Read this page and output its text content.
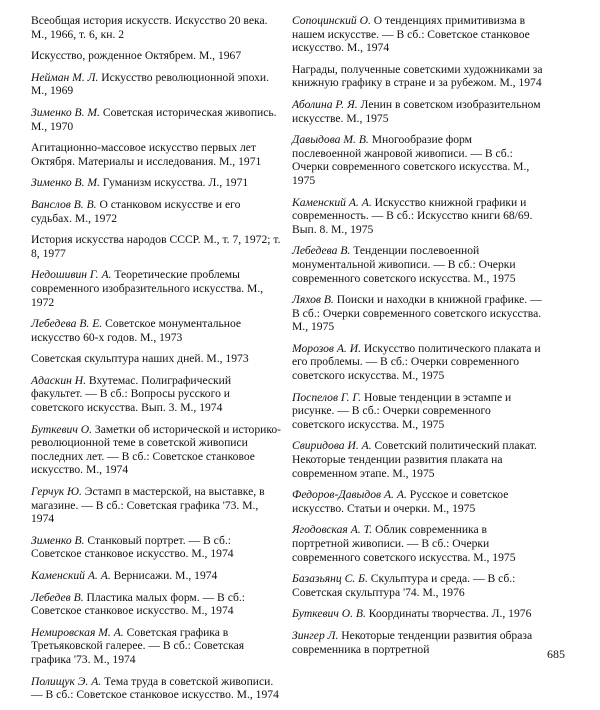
Всеобщая история искусств. Искусство 20 века. М., 1966, т. 6, кн. 2

Искусство, рожденное Октябрем. М., 1967

Нейман М. Л. Искусство революционной эпохи. М., 1969

Зименко В. М. Советская историческая живопись. М., 1970

Агитационно-массовое искусство первых лет Октября. Материалы и исследования. М., 1971

Зименко В. М. Гуманизм искусства. Л., 1971

Ванслов В. В. О станковом искусстве и его судьбах. М., 1972

История искусства народов СССР. М., т. 7, 1972; т. 8, 1977

Недошивин Г. А. Теоретические проблемы современного изобразительного искусства. М., 1972

Лебедева В. Е. Советское монументальное искусство 60-х годов. М., 1973

Советская скульптура наших дней. М., 1973

Адаскин Н. Вхутемас. Полиграфический факультет. — В сб.: Вопросы русского и советского искусства. Вып. 3. М., 1974

Буткевич О. Заметки об исторической и историко-революционной теме в советской живописи последних лет. — В сб.: Советское станковое искусство. М., 1974

Герчук Ю. Эстамп в мастерской, на выставке, в магазине. — В сб.: Советская графика '73. М., 1974

Зименко В. Станковый портрет. — В сб.: Советское станковое искусство. М., 1974

Каменский А. А. Вернисажи. М., 1974

Лебедев В. Пластика малых форм. — В сб.: Советское станковое искусство. М., 1974

Немировская М. А. Советская графика в Третьяковской галерее. — В сб.: Советская графика '73. М., 1974

Полищук Э. А. Тема труда в советской живописи. — В сб.: Советское станковое искусство. М., 1974

Сопоцинский О. О тенденциях примитивизма в нашем искусстве. — В сб.: Советское станковое искусство. М., 1974

Награды, полученные советскими художниками за книжную графику в стране и за рубежом. М., 1974

Аболина Р. Я. Ленин в советском изобразительном искусстве. М., 1975

Давыдова М. В. Многообразие форм послевоенной жанровой живописи. — В сб.: Очерки современного советского искусства. М., 1975

Каменский А. А. Искусство книжной графики и современность. — В сб.: Искусство книги 68/69. Вып. 8. М., 1975

Лебедева В. Тенденции послевоенной монументальной живописи. — В сб.: Очерки современного советского искусства. М., 1975

Ляхов В. Поиски и находки в книжной графике. — В сб.: Очерки современного советского искусства. М., 1975

Морозов А. И. Искусство политического плаката и его проблемы. — В сб.: Очерки современного советского искусства. М., 1975

Поспелов Г. Г. Новые тенденции в эстампе и рисунке. — В сб.: Очерки современного советского искусства. М., 1975

Свиридова И. А. Советский политический плакат. Некоторые тенденции развития плаката на современном этапе. М., 1975

Федоров-Давыдов А. А. Русское и советское искусство. Статьи и очерки. М., 1975

Ягодовская А. Т. Облик современника в портретной живописи. — В сб.: Очерки современного советского искусства. М., 1975

Базазьянц С. Б. Скульптура и среда. — В сб.: Советская скульптура '74. М., 1976

Буткевич О. В. Координаты творчества. Л., 1976

Зингер Л. Некоторые тенденции развития образа современника в портретной	685
